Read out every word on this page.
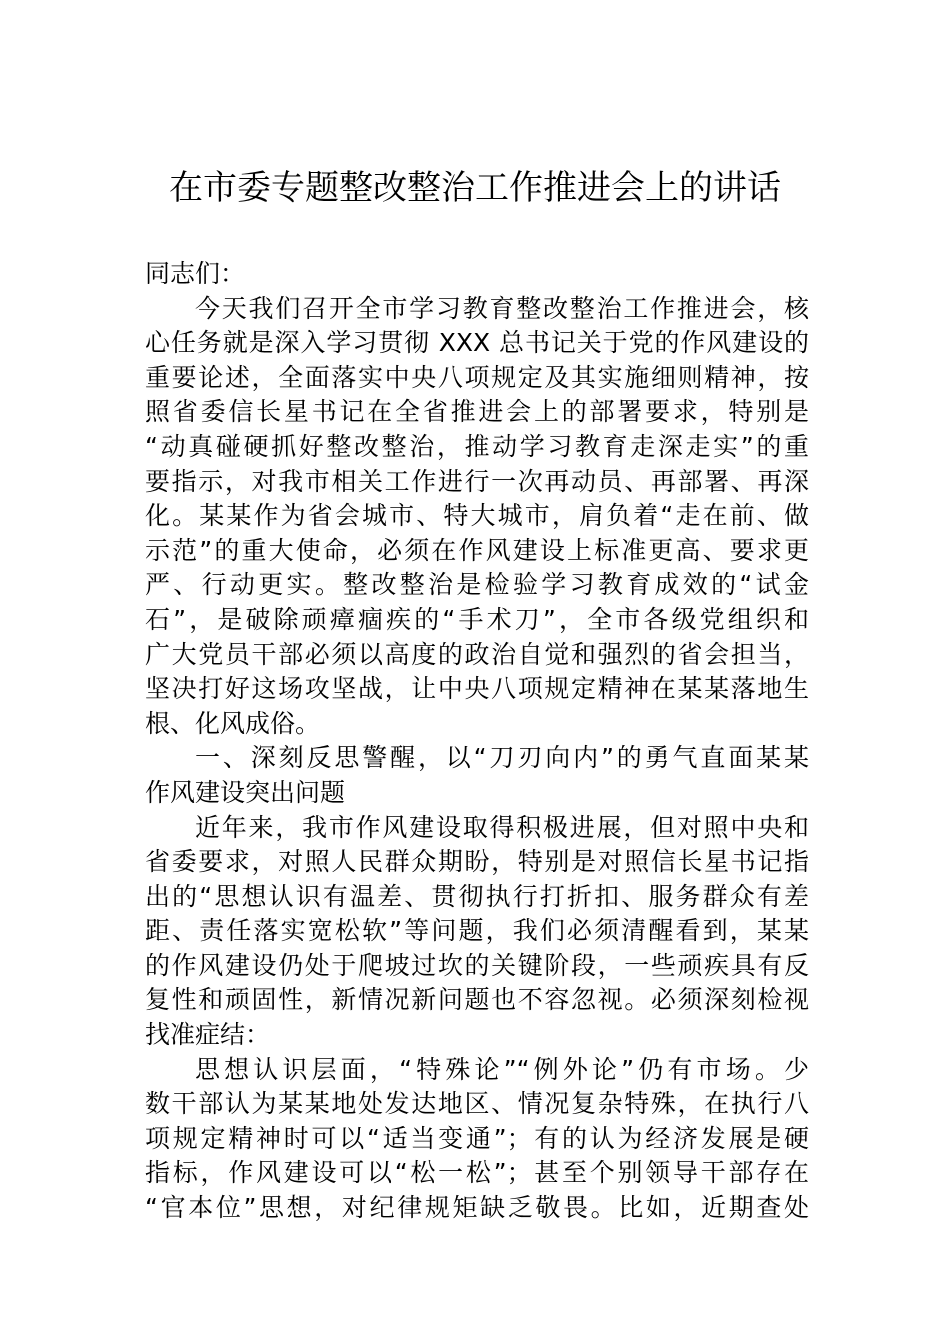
在市委专题整改整治工作推进会上的讲话
同志们：
今天我们召开全市学习教育整改整治工作推进会，核
心任务就是深入学习贯彻 XXX 总书记关于党的作风建设的
重要论述，全面落实中央八项规定及其实施细则精神，按
照省委信长星书记在全省推进会上的部署要求，特别是
“动真碰硬抓好整改整治，推动学习教育走深走实”的重
要指示，对我市相关工作进行一次再动员、再部署、再深
化。某某作为省会城市、特大城市，肩负着“走在前、做
示范”的重大使命，必须在作风建设上标准更高、要求更
严、行动更实。整改整治是检验学习教育成效的“试金
石”，是破除顽瘴痼疾的“手术刀”，全市各级党组织和
广大党员干部必须以高度的政治自觉和强烈的省会担当，
坚决打好这场攻坚战，让中央八项规定精神在某某落地生
根、化风成俗。
一、深刻反思警醒，以“刀刃向内”的勇气直面某某
作风建设突出问题
近年来，我市作风建设取得积极进展，但对照中央和
省委要求，对照人民群众期盼，特别是对照信长星书记指
出的“思想认识有温差、贯彻执行打折扣、服务群众有差
距、责任落实宽松软”等问题，我们必须清醒看到，某某
的作风建设仍处于爬坡过坎的关键阶段，一些顽疾具有反
复性和顽固性，新情况新问题也不容忽视。必须深刻检视
找准症结：
思想认识层面，“特殊论”“例外论”仍有市场。少
数干部认为某某地处发达地区、情况复杂特殊，在执行八
项规定精神时可以“适当变通”；有的认为经济发展是硬
指标，作风建设可以“松一松”；甚至个别领导干部存在
“官本位”思想，对纪律规矩缺乏敬畏。比如，近期查处
